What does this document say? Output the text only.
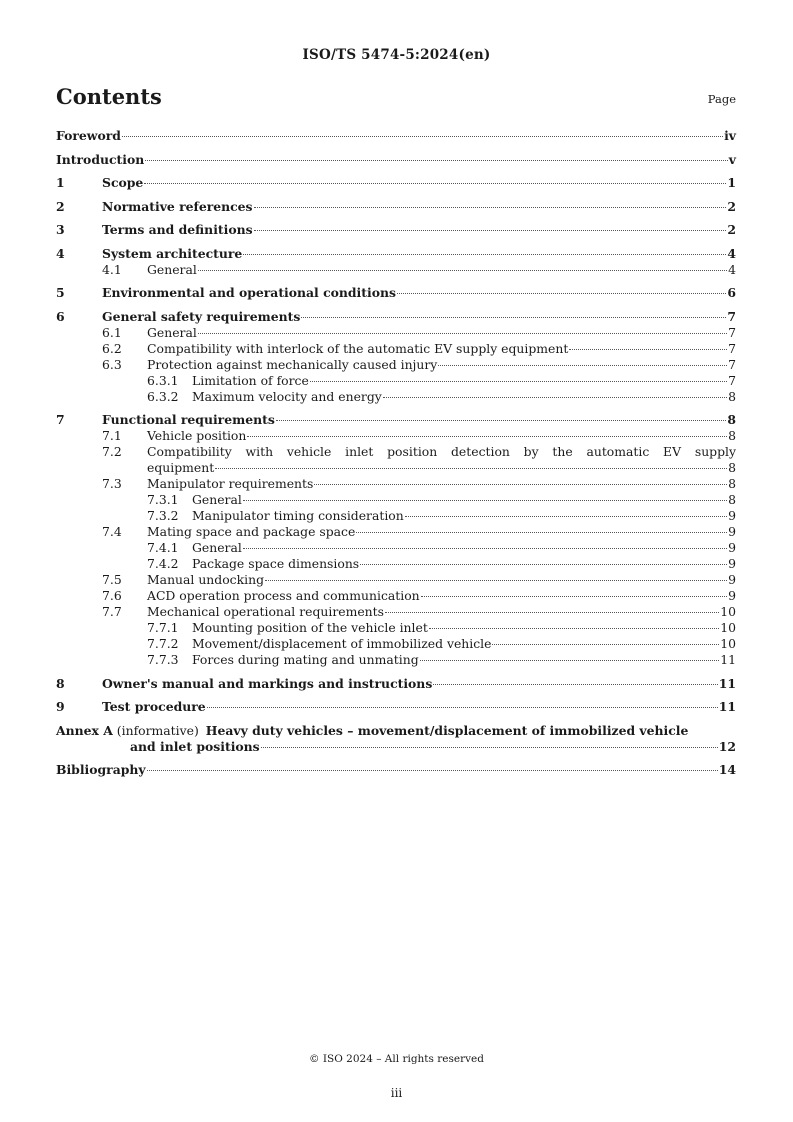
ISO/TS 5474-5:2024(en)
Contents	Page
Foreword	iv
Introduction	v
1	Scope	1
2	Normative references	2
3	Terms and definitions	2
4	System architecture	4
4.1 General	4
5	Environmental and operational conditions	6
6	General safety requirements	7
6.1 General	7
6.2 Compatibility with interlock of the automatic EV supply equipment	7
6.3 Protection against mechanically caused injury	7
6.3.1 Limitation of force	7
6.3.2 Maximum velocity and energy	8
7	Functional requirements	8
7.1 Vehicle position	8
7.2 Compatibility with vehicle inlet position detection by the automatic EV supply
equipment	8
7.3 Manipulator requirements	8
7.3.1 General	8
7.3.2 Manipulator timing consideration	9
7.4 Mating space and package space	9
7.4.1 General	9
7.4.2 Package space dimensions	9
7.5 Manual undocking	9
7.6 ACD operation process and communication	9
7.7 Mechanical operational requirements	10
7.7.1 Mounting position of the vehicle inlet	10
7.7.2 Movement/displacement of immobilized vehicle	10
7.7.3 Forces during mating and unmating	11
8	Owner's manual and markings and instructions	11
9	Test procedure	11
Annex A (informative) Heavy duty vehicles – movement/displacement of immobilized vehicle
and inlet positions	12
Bibliography	14
© ISO 2024 – All rights reserved
iii
